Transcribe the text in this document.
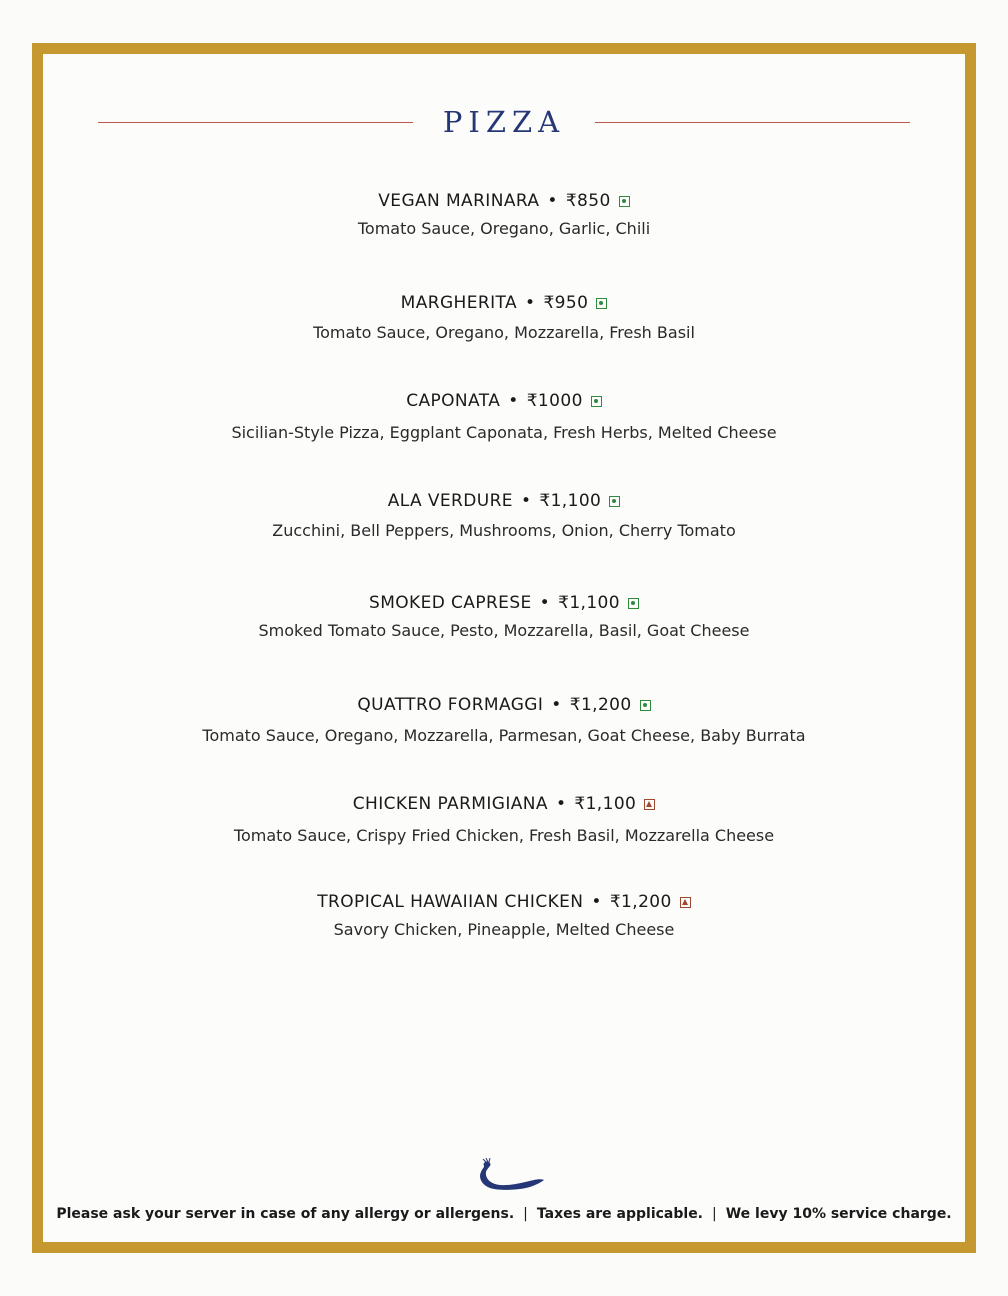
PIZZA
VEGAN MARINARA • ₹850
Tomato Sauce, Oregano, Garlic, Chili
MARGHERITA • ₹950
Tomato Sauce, Oregano, Mozzarella, Fresh Basil
CAPONATA • ₹1000
Sicilian-Style Pizza, Eggplant Caponata, Fresh Herbs, Melted Cheese
ALA VERDURE • ₹1,100
Zucchini, Bell Peppers, Mushrooms, Onion, Cherry Tomato
SMOKED CAPRESE • ₹1,100
Smoked Tomato Sauce, Pesto, Mozzarella, Basil, Goat Cheese
QUATTRO FORMAGGI • ₹1,200
Tomato Sauce, Oregano, Mozzarella, Parmesan, Goat Cheese, Baby Burrata
CHICKEN PARMIGIANA • ₹1,100
Tomato Sauce, Crispy Fried Chicken, Fresh Basil, Mozzarella Cheese
TROPICAL HAWAIIAN CHICKEN • ₹1,200
Savory Chicken, Pineapple, Melted Cheese
Please ask your server in case of any allergy or allergens. | Taxes are applicable. | We levy 10% service charge.
